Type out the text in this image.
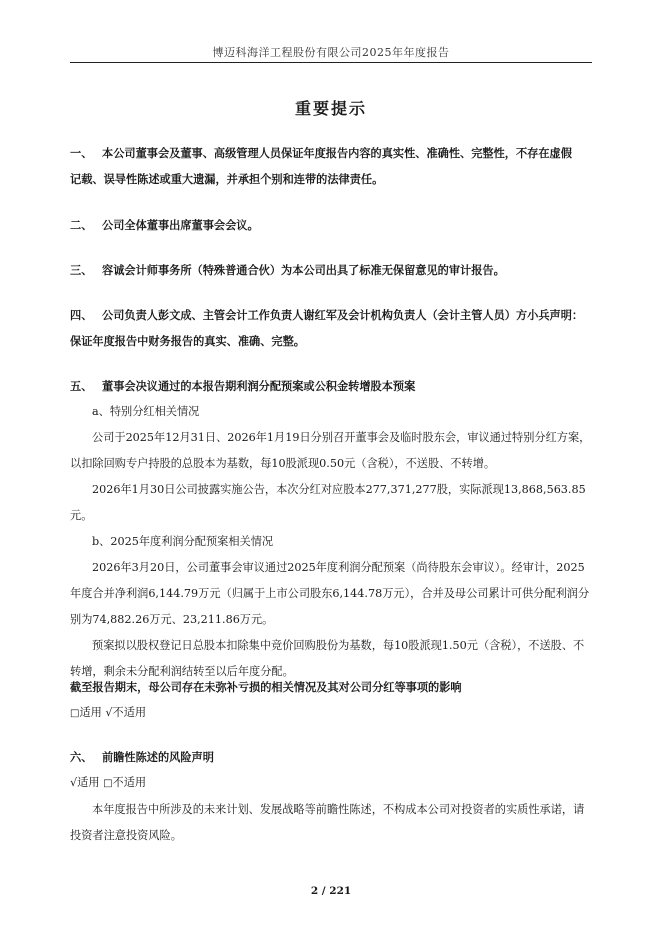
博迈科海洋工程股份有限公司2025年年度报告
重要提示
一、 本公司董事会及董事、高级管理人员保证年度报告内容的真实性、准确性、完整性，不存在虚假
记载、误导性陈述或重大遗漏，并承担个别和连带的法律责任。
二、 公司全体董事出席董事会会议。
三、 容诚会计师事务所（特殊普通合伙）为本公司出具了标准无保留意见的审计报告。
四、 公司负责人彭文成、主管会计工作负责人谢红军及会计机构负责人（会计主管人员）方小兵声明：
保证年度报告中财务报告的真实、准确、完整。
五、 董事会决议通过的本报告期利润分配预案或公积金转增股本预案
a、特别分红相关情况
公司于2025年12月31日、2026年1月19日分别召开董事会及临时股东会，审议通过特别分红方案，以扣除回购专户持股的总股本为基数，每10股派现0.50元（含税），不送股、不转增。
2026年1月30日公司披露实施公告，本次分红对应股本277,371,277股，实际派现13,868,563.85元。
b、2025年度利润分配预案相关情况
2026年3月20日，公司董事会审议通过2025年度利润分配预案（尚待股东会审议）。经审计，2025年度合并净利润6,144.79万元（归属于上市公司股东6,144.78万元），合并及母公司累计可供分配利润分别为74,882.26万元、23,211.86万元。
预案拟以股权登记日总股本扣除集中竞价回购股份为基数，每10股派现1.50元（含税），不送股、不转增，剩余未分配利润结转至以后年度分配。
截至报告期末，母公司存在未弥补亏损的相关情况及其对公司分红等事项的影响
□适用 √不适用
六、 前瞻性陈述的风险声明
√适用 □不适用
本年度报告中所涉及的未来计划、发展战略等前瞻性陈述，不构成本公司对投资者的实质性承诺，请投资者注意投资风险。
2 / 221
